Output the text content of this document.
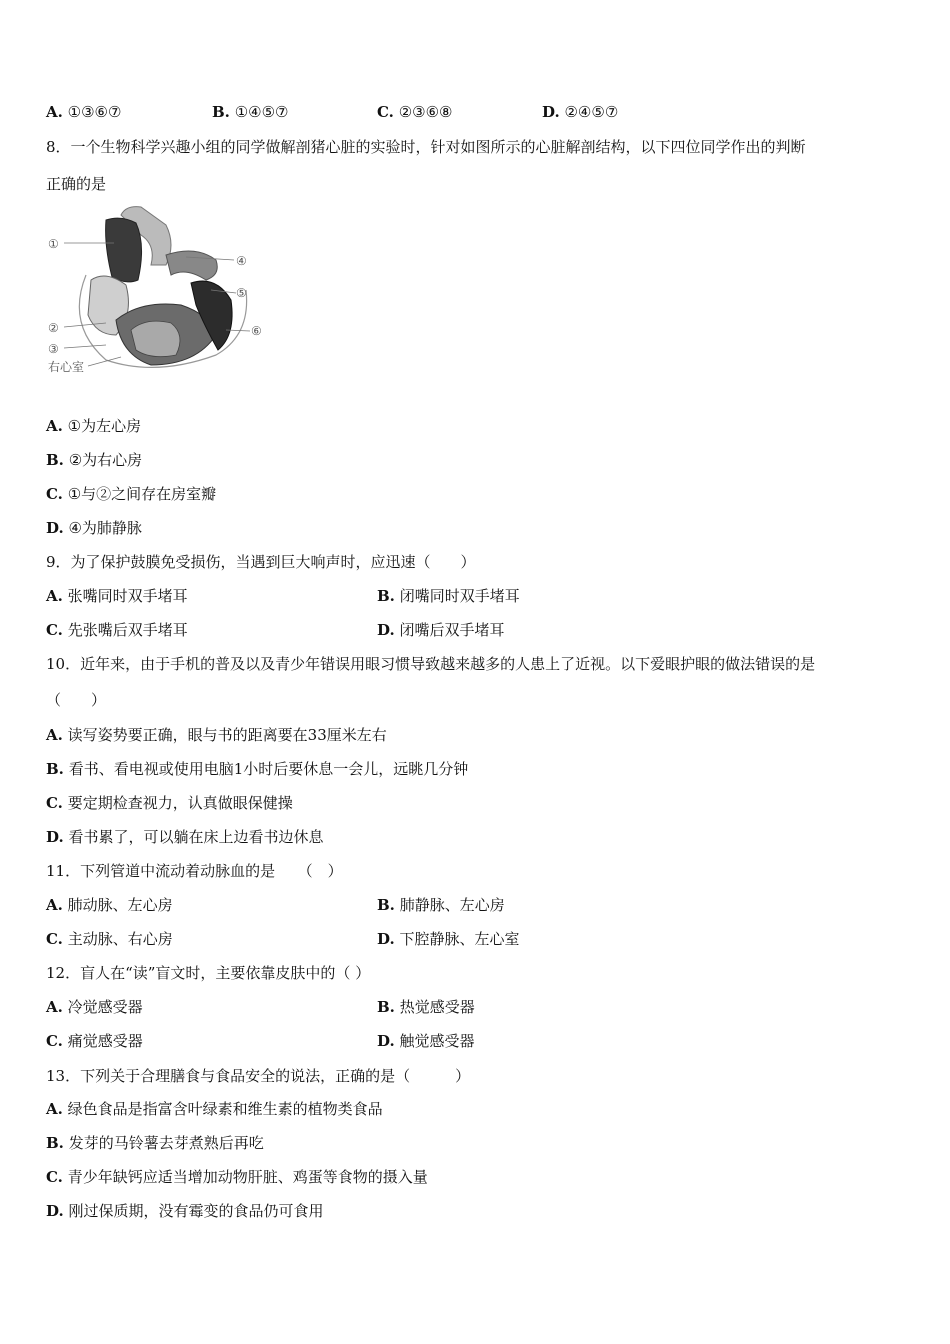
A. ①③⑥⑦	B. ①④⑤⑦	C. ②③⑥⑧	D. ②④⑤⑦
8．一个生物科学兴趣小组的同学做解剖猪心脏的实验时，针对如图所示的心脏解剖结构，以下四位同学作出的判断
正确的是
①
②
③
④
⑤
⑥
右心室
A. ①为左心房
B. ②为右心房
C. ①与②之间存在房室瓣
D. ④为肺静脉
9．为了保护鼓膜免受损伤，当遇到巨大响声时，应迅速（　　）
A. 张嘴同时双手堵耳	B. 闭嘴同时双手堵耳
C. 先张嘴后双手堵耳	D. 闭嘴后双手堵耳
10．近年来，由于手机的普及以及青少年错误用眼习惯导致越来越多的人患上了近视。以下爱眼护眼的做法错误的是
（　　）
A. 读写姿势要正确，眼与书的距离要在33厘米左右
B. 看书、看电视或使用电脑1小时后要休息一会儿，远眺几分钟
C. 要定期检查视力，认真做眼保健操
D. 看书累了，可以躺在床上边看书边休息
11．下列管道中流动着动脉血的是　　（　）
A. 肺动脉、左心房	B. 肺静脉、左心房
C. 主动脉、右心房	D. 下腔静脉、左心室
12．盲人在“读”盲文时，主要依靠皮肤中的（ ）
A. 冷觉感受器	B. 热觉感受器
C. 痛觉感受器	D. 触觉感受器
13．下列关于合理膳食与食品安全的说法，正确的是（　　　）
A. 绿色食品是指富含叶绿素和维生素的植物类食品
B. 发芽的马铃薯去芽煮熟后再吃
C. 青少年缺钙应适当增加动物肝脏、鸡蛋等食物的摄入量
D. 刚过保质期，没有霉变的食品仍可食用
